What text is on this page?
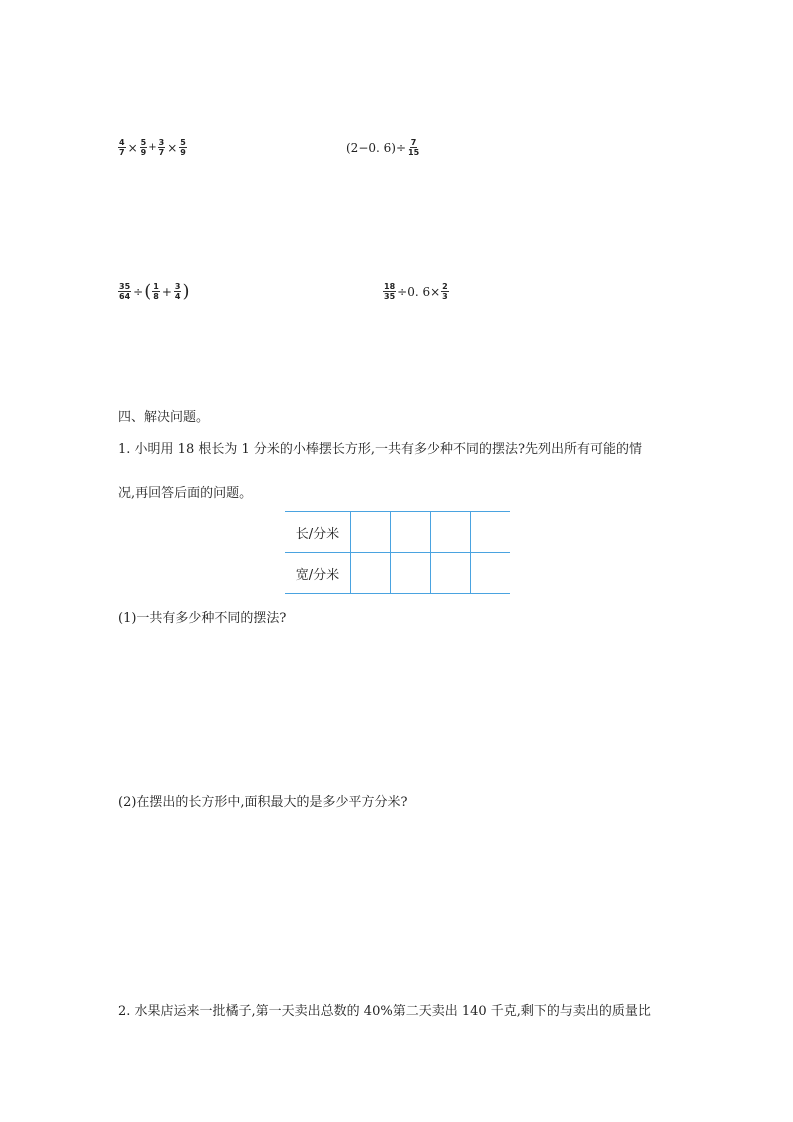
$\frac{4}{7} \times \frac{5}{9} + \frac{3}{7} \times \frac{5}{9}$	(2−0. $6)\div \frac{7}{15}$
$\frac{35}{64}$ ÷ ( $\frac{1}{8} + \frac{3}{4}$ )	$\frac{18}{35} \div 0$. $6\times \frac{2}{3}$
四、解决问题。
1. 小明用 18 根长为 1 分米的小棒摆长方形,一共有多少种不同的摆法?先列出所有可能的情
况,再回答后面的问题。
长/分米				
宽/分米				
(1)一共有多少种不同的摆法?
(2)在摆出的长方形中,面积最大的是多少平方分米?
2. 水果店运来一批橘子,第一天卖出总数的 40%第二天卖出 140 千克,剩下的与卖出的质量比
